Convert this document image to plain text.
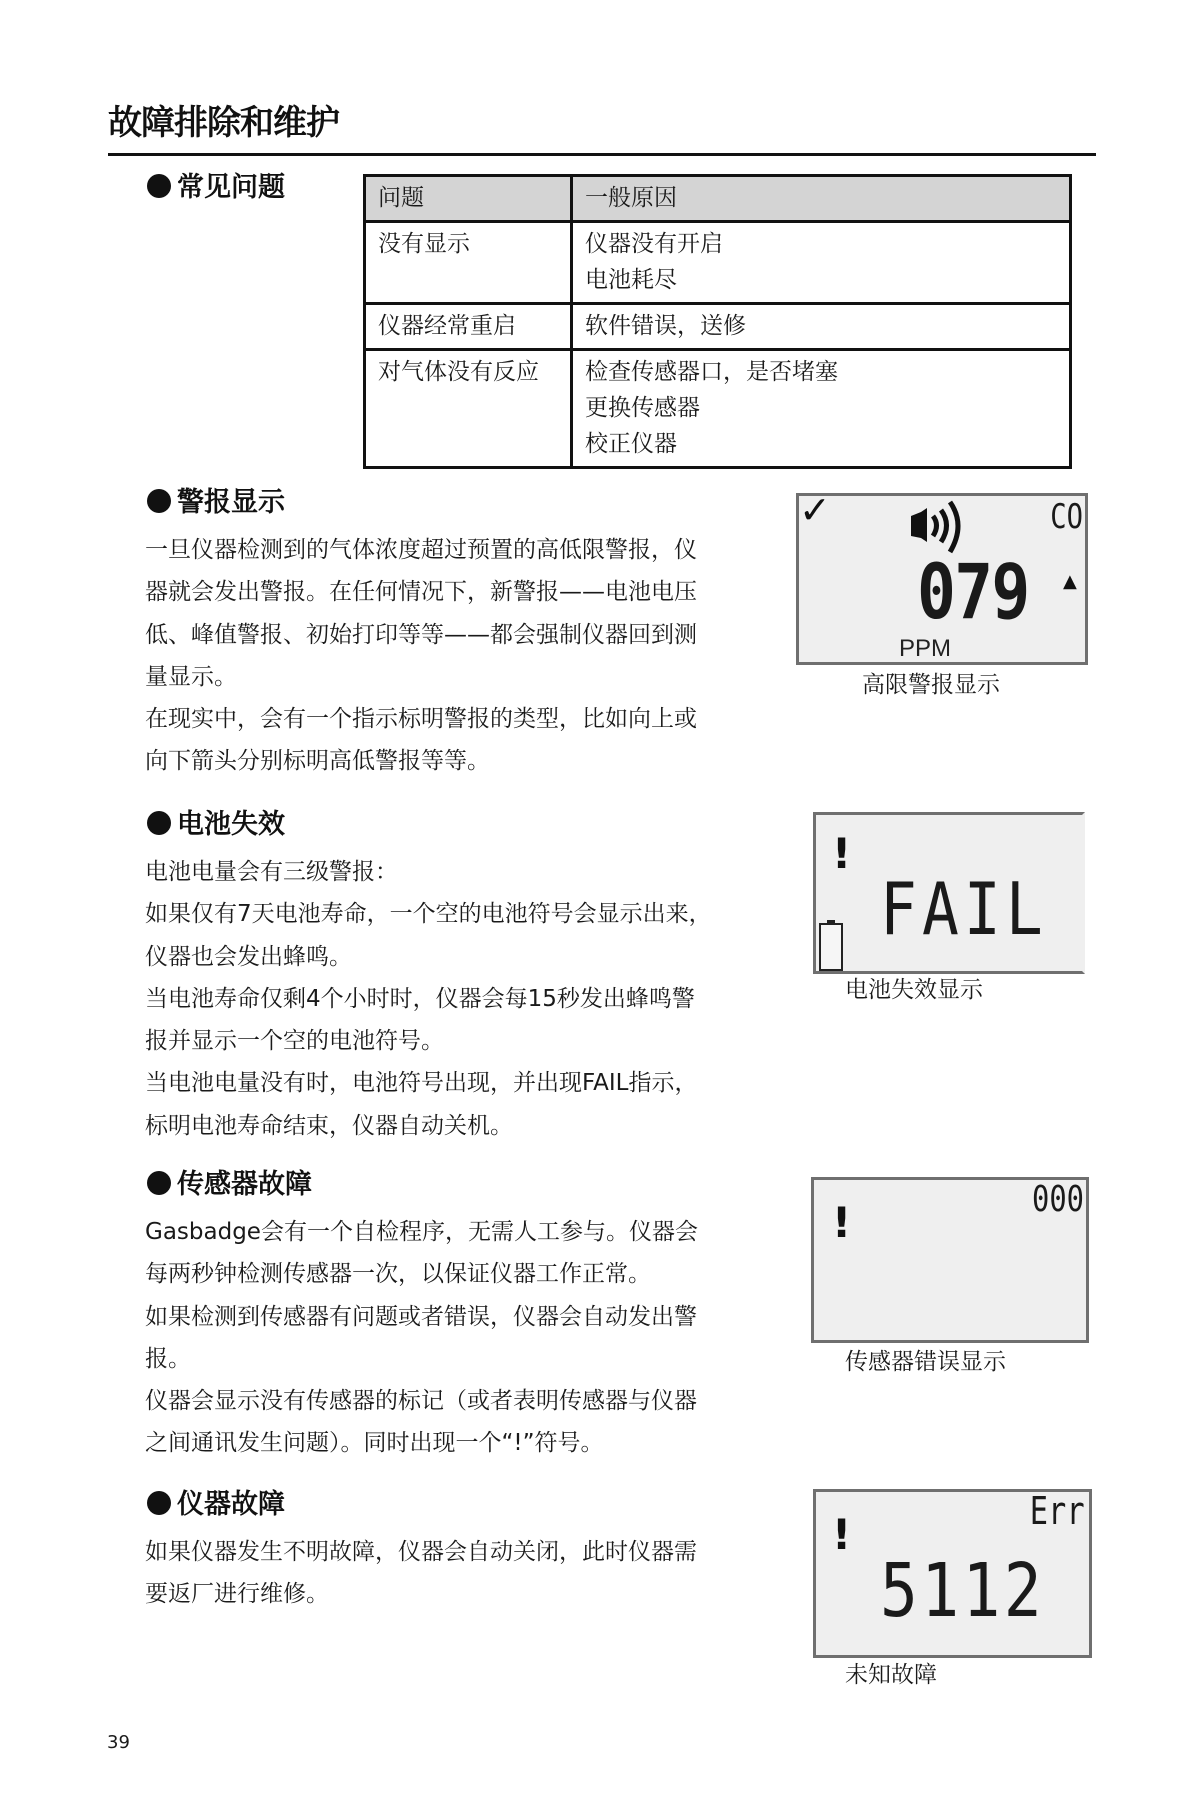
故障排除和维护
常见问题	问题	一般原因
没有显示	仪器没有开启
电池耗尽

仪器经常重启	软件错误，送修

对气体没有反应	检查传感器口，是否堵塞
更换传感器
校正仪器
警报显示
一旦仪器检测到的气体浓度超过预置的高低限警报，仪
器就会发出警报。在任何情况下，新警报——电池电压
低、峰值警报、初始打印等等——都会强制仪器回到测
量显示。
在现实中，会有一个指示标明警报的类型，比如向上或
向下箭头分别标明高低警报等等。
✓	CO
079 ▲
PPM
高限警报显示
电池失效
电池电量会有三级警报：
如果仅有7天电池寿命，一个空的电池符号会显示出来，
仪器也会发出蜂鸣。
当电池寿命仅剩4个小时时，仪器会每15秒发出蜂鸣警
报并显示一个空的电池符号。
当电池电量没有时，电池符号出现，并出现FAIL指示，
标明电池寿命结束，仪器自动关机。
!
FAIL
电池失效显示
传感器故障
Gasbadge会有一个自检程序，无需人工参与。仪器会
每两秒钟检测传感器一次，以保证仪器工作正常。
如果检测到传感器有问题或者错误，仪器会自动发出警
报。
仪器会显示没有传感器的标记（或者表明传感器与仪器
之间通讯发生问题）。同时出现一个“!”符号。
!	000
传感器错误显示
仪器故障
如果仪器发生不明故障，仪器会自动关闭，此时仪器需
要返厂进行维修。
!	Err
5112
未知故障
39
